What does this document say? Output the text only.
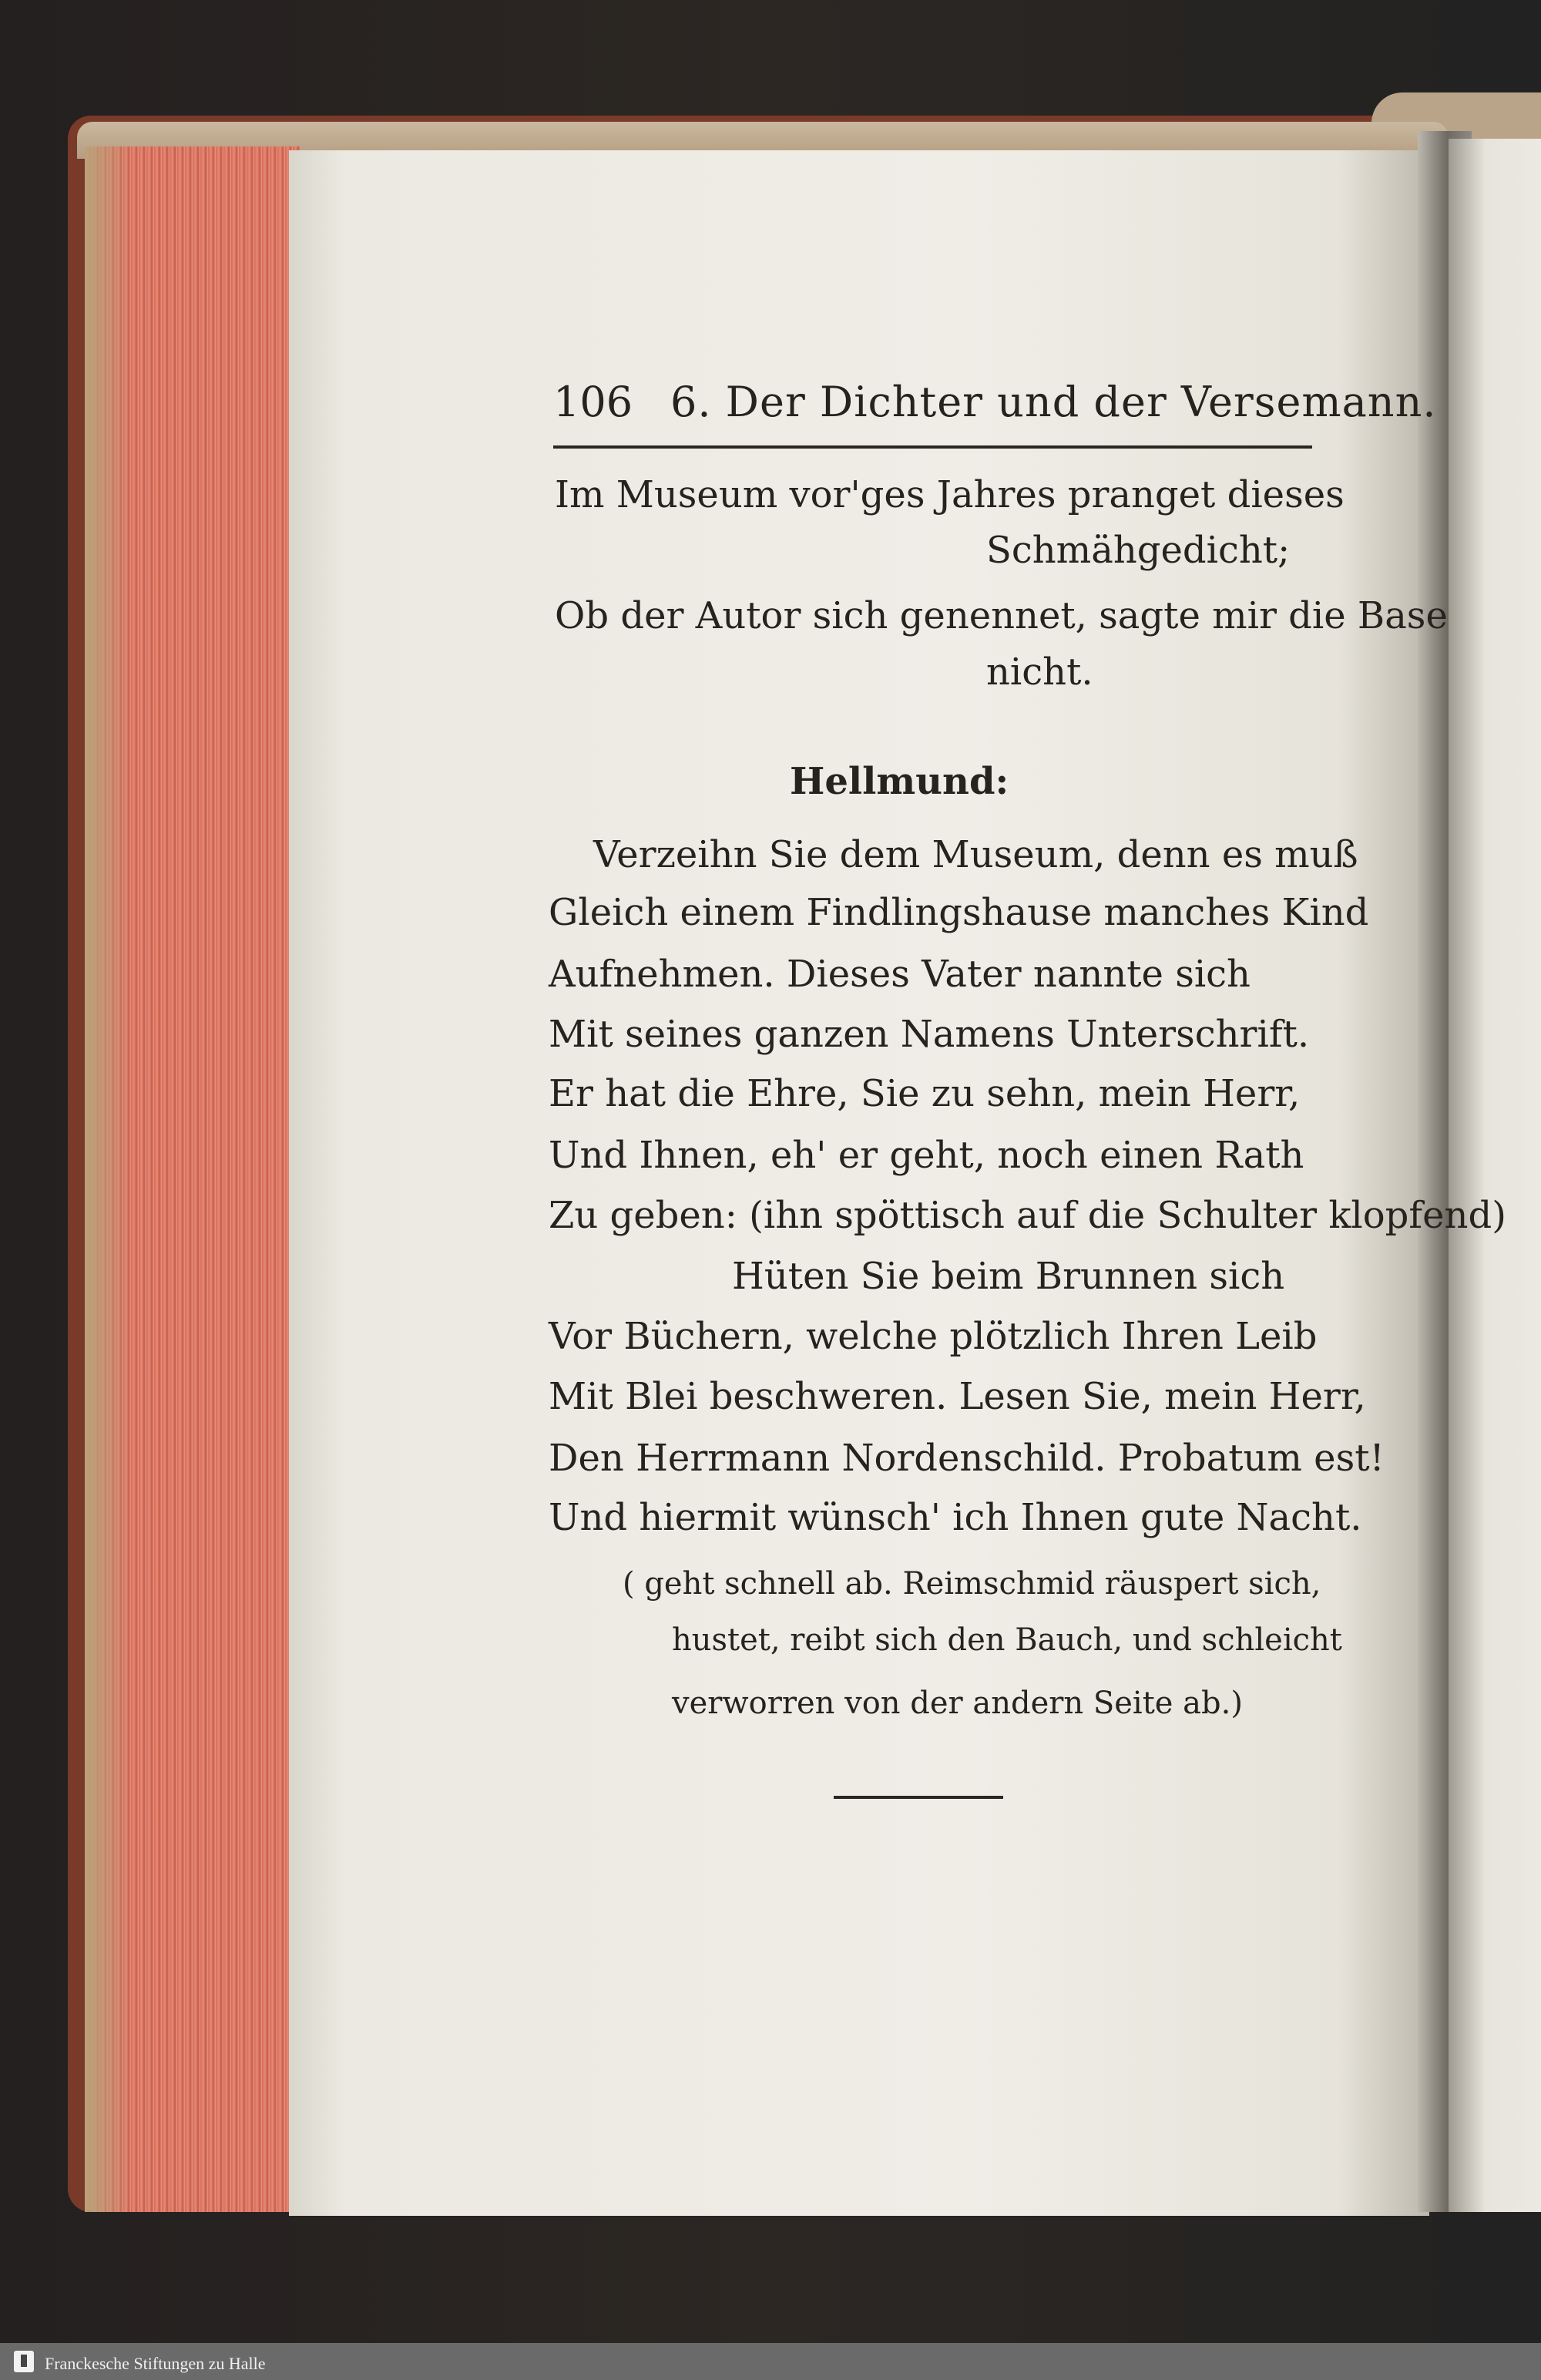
106 6. Der Dichter und der Versemann.
Im Museum vor'ges Jahres pranget dieses
Schmähgedicht;
Ob der Autor sich genennet, sagte mir die Base
nicht.
Hellmund:
Verzeihn Sie dem Museum, denn es muß
Gleich einem Findlingshause manches Kind
Aufnehmen. Dieses Vater nannte sich
Mit seines ganzen Namens Unterschrift.
Er hat die Ehre, Sie zu sehn, mein Herr,
Und Ihnen, eh' er geht, noch einen Rath
Zu geben: (ihn spöttisch auf die Schulter klopfend)
Hüten Sie beim Brunnen sich
Vor Büchern, welche plötzlich Ihren Leib
Mit Blei beschweren. Lesen Sie, mein Herr,
Den Herrmann Nordenschild. Probatum est!
Und hiermit wünsch' ich Ihnen gute Nacht.
( geht schnell ab. Reimschmid räuspert sich,
hustet, reibt sich den Bauch, und schleicht
verworren von der andern Seite ab.)
Franckesche Stiftungen zu Halle
